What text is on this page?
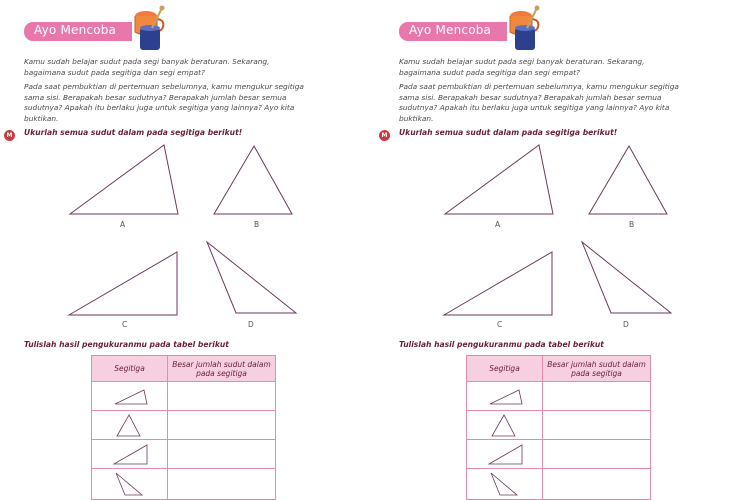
Ayo Mencoba
Kamu sudah belajar sudut pada segi banyak beraturan. Sekarang, bagaimana sudut pada segitiga dan segi empat?
Pada saat pembuktian di pertemuan sebelumnya, kamu mengukur segitiga sama sisi. Berapakah besar sudutnya? Berapakah jumlah besar semua sudutnya? Apakah itu berlaku juga untuk segitiga yang lainnya? Ayo kita buktikan.
M	Ukurlah semua sudut dalam pada segitiga berikut!
A	B
C	D
Tulislah hasil pengukuranmu pada tabel berikut
Segitiga	Besar jumlah sudut dalam pada segitiga
Ayo Mencoba
Kamu sudah belajar sudut pada segi banyak beraturan. Sekarang, bagaimana sudut pada segitiga dan segi empat?
Pada saat pembuktian di pertemuan sebelumnya, kamu mengukur segitiga sama sisi. Berapakah besar sudutnya? Berapakah jumlah besar semua sudutnya? Apakah itu berlaku juga untuk segitiga yang lainnya? Ayo kita buktikan.
M	Ukurlah semua sudut dalam pada segitiga berikut!
A	B
C	D
Tulislah hasil pengukuranmu pada tabel berikut
Segitiga	Besar jumlah sudut dalam pada segitiga
